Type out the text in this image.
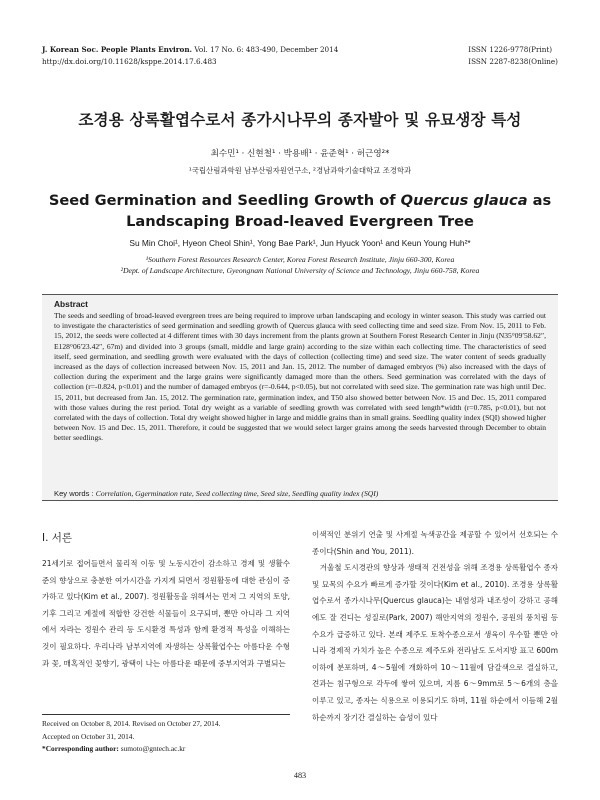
J. Korean Soc. People Plants Environ. Vol. 17 No. 6: 483-490, December 2014
http://dx.doi.org/10.11628/ksppe.2014.17.6.483
ISSN 1226-9778(Print)
ISSN 2287-8238(Online)
조경용 상록활엽수로서 종가시나무의 종자발아 및 유묘생장 특성
최수민¹ · 신현철¹ · 박용배¹ · 윤준혁¹ · 허근영²*
¹국립산림과학원 남부산림자원연구소, ²경남과학기술대학교 조경학과
Seed Germination and Seedling Growth of Quercus glauca as
Landscaping Broad-leaved Evergreen Tree
Su Min Choi¹, Hyeon Cheol Shin¹, Yong Bae Park¹, Jun Hyuck Yoon¹ and Keun Young Huh²*
¹Southern Forest Resources Research Center, Korea Forest Research Institute, Jinju 660-300, Korea
²Dept. of Landscape Architecture, Gyeongnam National University of Science and Technology, Jinju 660-758, Korea
Abstract
The seeds and seedling of broad-leaved evergreen trees are being required to improve urban landscaping and ecology in winter season. This study was carried out to investigate the characteristics of seed germination and seedling growth of Quercus glauca with seed collecting time and seed size. From Nov. 15, 2011 to Feb. 15, 2012, the seeds were collected at 4 different times with 30 days increment from the plants grown at Southern Forest Research Center in Jinju (N35°09′58.62″, E128°06′23.42″, 67m) and divided into 3 groups (small, middle and large grain) according to the size within each collecting time. The characteristics of seed itself, seed germination, and seedling growth were evaluated with the days of collection (collecting time) and seed size. The water content of seeds gradually increased as the days of collection increased between Nov. 15, 2011 and Jan. 15, 2012. The number of damaged embryos (%) also increased with the days of collection during the experiment and the large grains were significantly damaged more than the others. Seed germination was correlated with the days of collection (r=-0.824, p<0.01) and the number of damaged embryos (r=-0.644, p<0.05), but not correlated with seed size. The germination rate was high until Dec. 15, 2011, but decreased from Jan. 15, 2012. The germination rate, germination index, and T50 also showed better between Nov. 15 and Dec. 15, 2011 compared with those values during the rest period. Total dry weight as a variable of seedling growth was correlated with seed length*width (r=0.785, p<0.01), but not correlated with the days of collection. Total dry weight showed higher in large and middle grains than in small grains. Seedling quality index (SQI) showed higher between Nov. 15 and Dec. 15, 2011. Therefore, it could be suggested that we would select larger grains among the seeds harvested through December to obtain better seedlings.
Key words : Correlation, Ggermination rate, Seed collecting time, Seed size, Seedling quality index (SQI)
Ⅰ. 서론
21세기로 접어들면서 물리적 이동 및 노동시간이 감소하고 경제 및 생활수준의 향상으로 충분한 여가시간을 가지게 되면서 정원활동에 대한 관심이 증가하고 있다(Kim et al., 2007). 정원활동을 위해서는 먼저 그 지역의 토양, 기후 그리고 계절에 적합한 강건한 식물들이 요구되며, 뿐만 아니라 그 지역에서 자라는 정원수 관리 등 도시환경 특성과 함께 환경적 특성을 이해하는 것이 필요하다. 우리나라 남부지역에 자생하는 상록활엽수는 아름다운 수형과 꽃, 매혹적인 꽃향기, 광택이 나는 아름다운 때문에 중부지역과 구별되는
이색적인 분위기 연출 및 사계절 녹색공간을 제공할 수 있어서 선호되는 수종이다(Shin and You, 2011).
　겨울철 도시경관의 향상과 생태적 건전성을 위해 조경용 상록활엽수 종자 및 묘목의 수요가 빠르게 증가할 것이다(Kim et al., 2010). 조경용 상록활엽수로서 종가시나무(Quercus glauca)는 내염성과 내조성이 강하고 공해에도 잘 견디는 성질로(Park, 2007) 해안지역의 정원수, 공원의 풍치림 등 수요가 급증하고 있다. 본래 제주도 토착수종으로서 생육이 우수할 뿐만 아니라 경제적 가치가 높은 수종으로 제주도와 전라남도 도서지방 표고 600m 이하에 분포하며, 4～5월에 개화하여 10～11월에 담갈색으로 결실하고, 견과는 침구형으로 각두에 쌓여 있으며, 지름 6～9mm로 5～6개의 층을 이루고 있고, 종자는 식용으로 이용되기도 하며, 11월 하순에서 이듬해 2월 하순까지 장기간 결실하는 습성이 있다
Received on October 8, 2014. Revised on October 27, 2014.
Accepted on October 31, 2014.
*Corresponding author: sumoto@gntech.ac.kr
483
